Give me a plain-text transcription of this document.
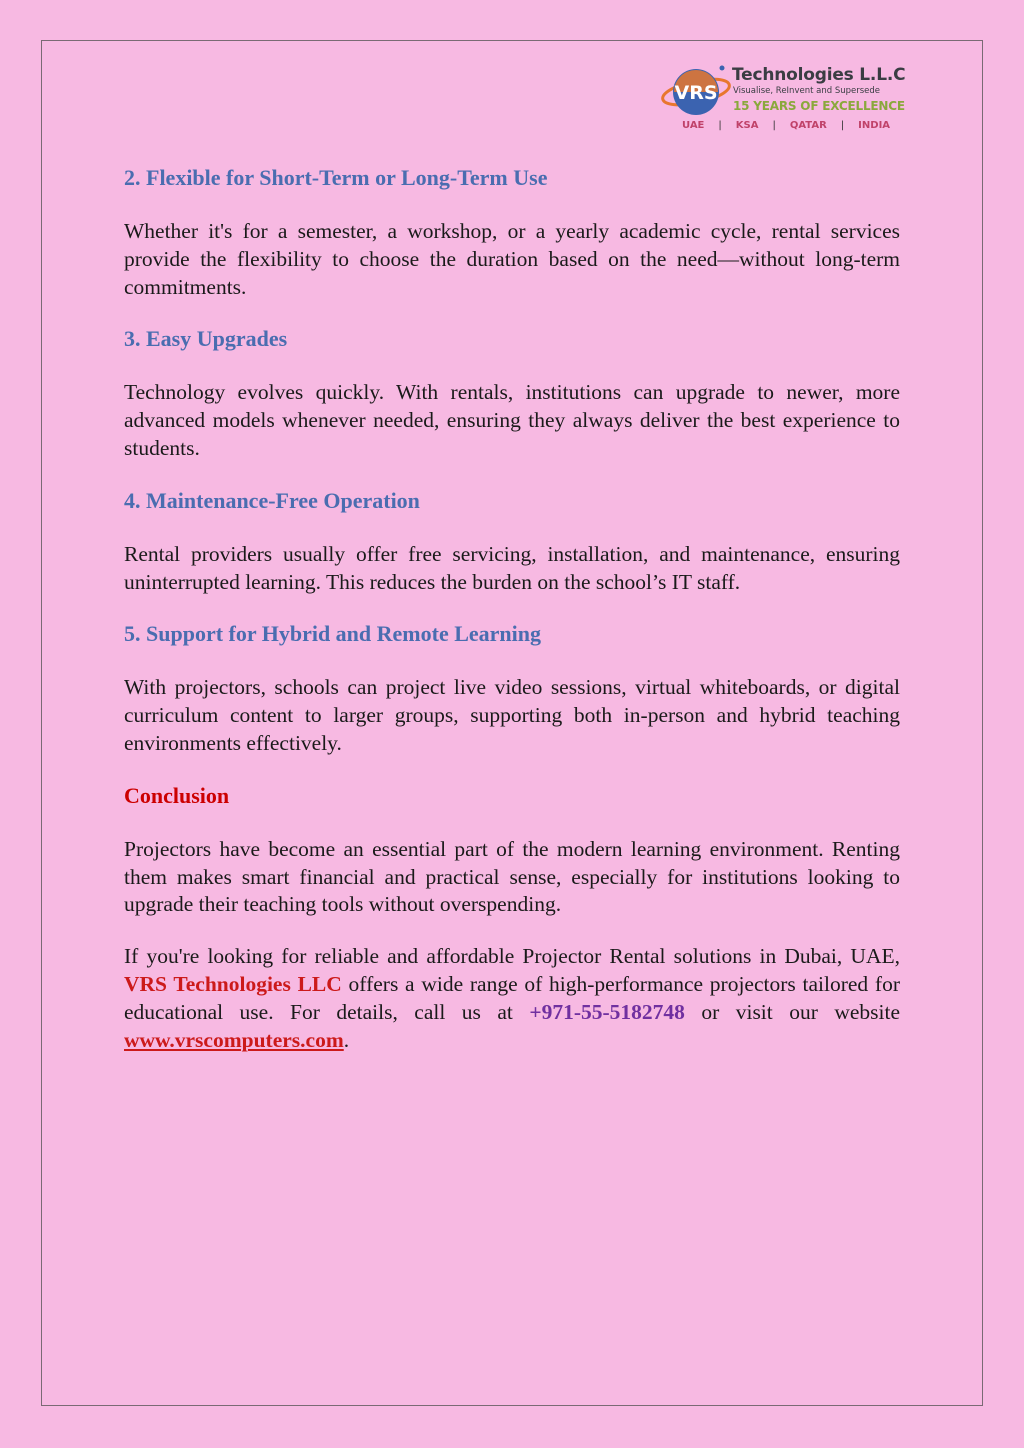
VRS
Technologies L.L.C
Visualise, ReInvent and Supersede
15 YEARS OF EXCELLENCE
UAE	|	KSA	|	QATAR	|	INDIA
2. Flexible for Short-Term or Long-Term Use

Whether it's for a semester, a workshop, or a yearly academic cycle, rental services provide the flexibility to choose the duration based on the need—without long-term commitments.

3. Easy Upgrades

Technology evolves quickly. With rentals, institutions can upgrade to newer, more advanced models whenever needed, ensuring they always deliver the best experience to students.

4. Maintenance-Free Operation

Rental providers usually offer free servicing, installation, and maintenance, ensuring uninterrupted learning. This reduces the burden on the school’s IT staff.

5. Support for Hybrid and Remote Learning

With projectors, schools can project live video sessions, virtual whiteboards, or digital curriculum content to larger groups, supporting both in-person and hybrid teaching environments effectively.

Conclusion

Projectors have become an essential part of the modern learning environment. Renting them makes smart financial and practical sense, especially for institutions looking to upgrade their teaching tools without overspending.

If you're looking for reliable and affordable Projector Rental solutions in Dubai, UAE, VRS Technologies LLC offers a wide range of high-performance projectors tailored for educational use. For details, call us at +971-55-5182748 or visit our website www.vrscomputers.com.
